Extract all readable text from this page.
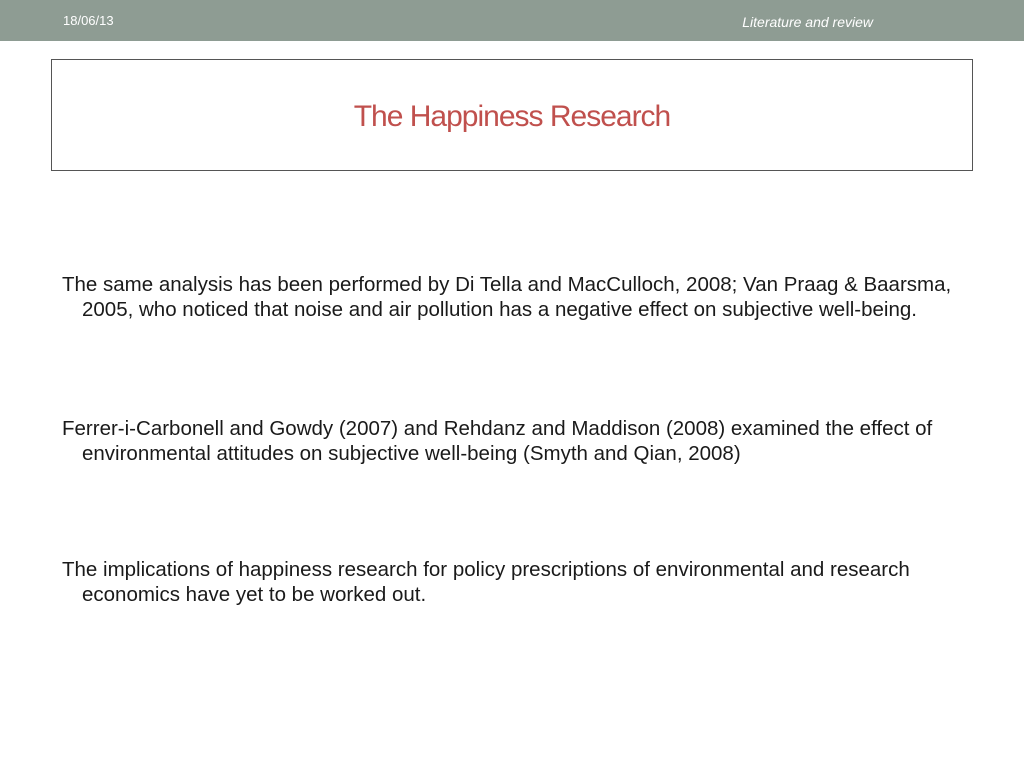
18/06/13	Literature and review
The Happiness Research
The same analysis has been performed by Di Tella and MacCulloch, 2008; Van Praag & Baarsma, 2005, who noticed that noise and air pollution has a negative effect on subjective well-being.
Ferrer-i-Carbonell and Gowdy (2007) and Rehdanz and Maddison (2008) examined the effect of environmental attitudes on subjective well-being (Smyth and Qian, 2008)
The implications of happiness research for policy prescriptions of environmental and research economics have yet to be worked out.
